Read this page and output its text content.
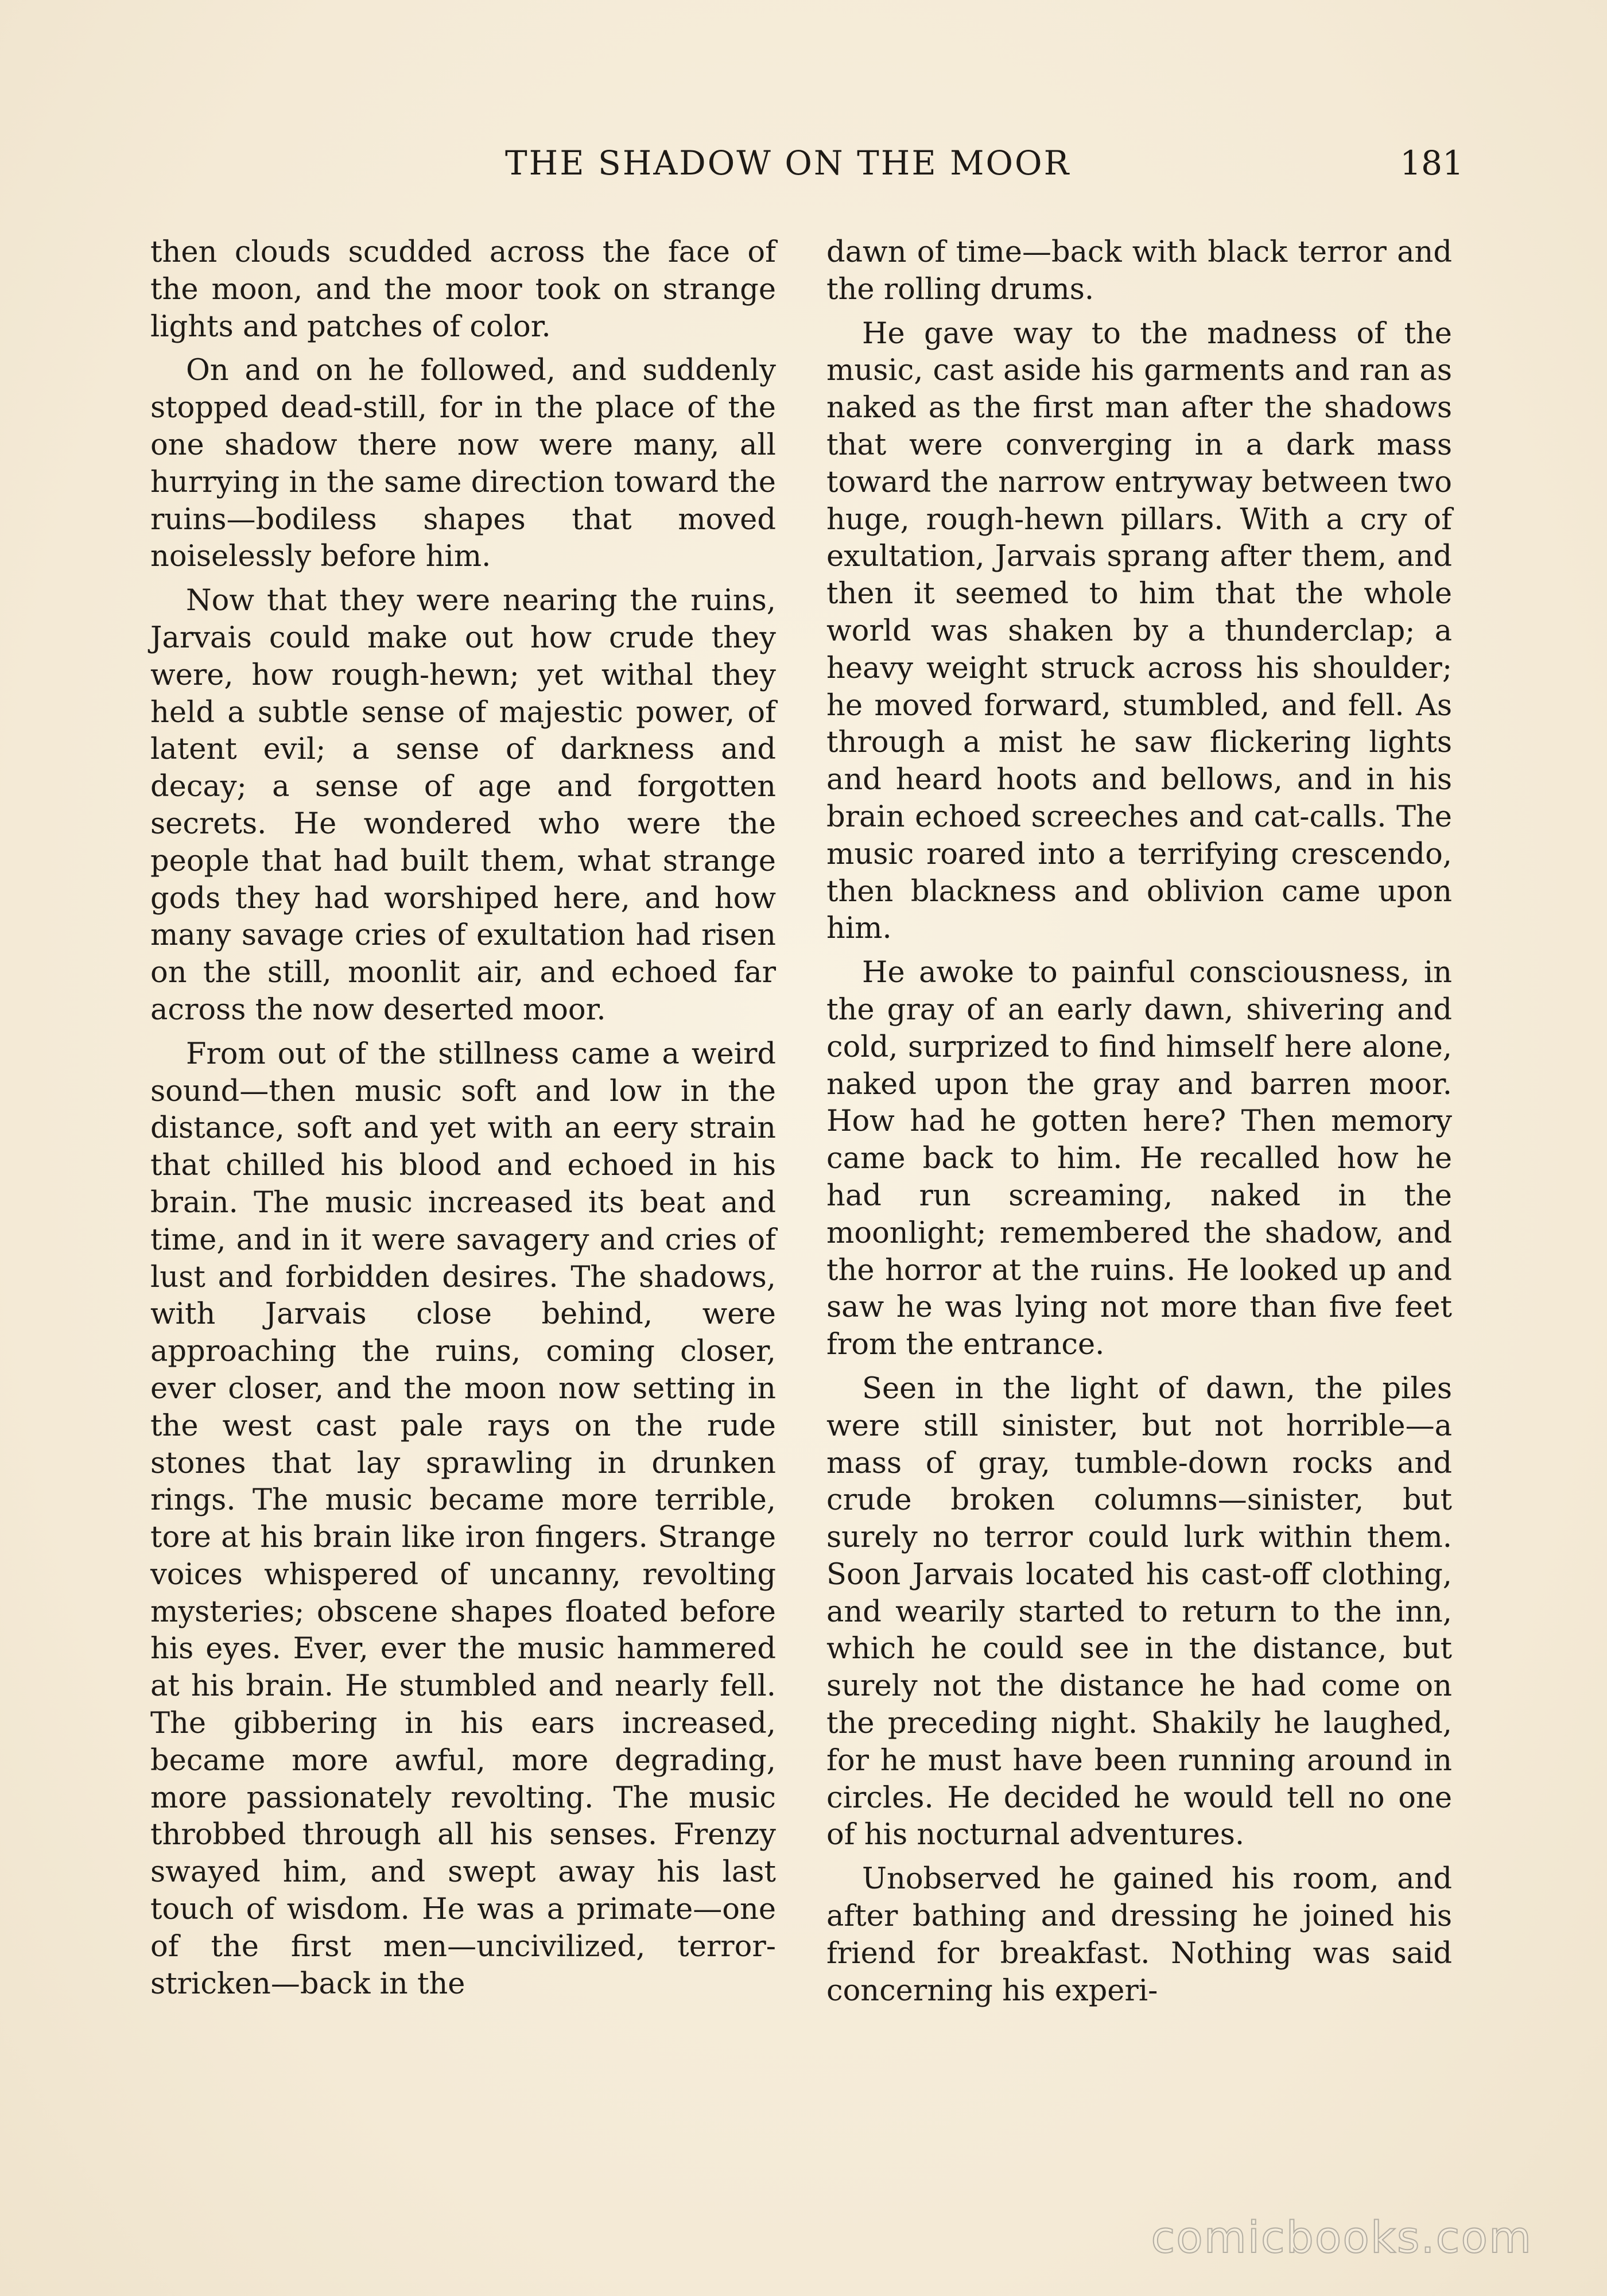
THE SHADOW ON THE MOOR	181

then clouds scudded across the face of the moon, and the moor took on strange lights and patches of color.

On and on he followed, and suddenly stopped dead-still, for in the place of the one shadow there now were many, all hurrying in the same direction toward the ruins—bodiless shapes that moved noiselessly before him.

Now that they were nearing the ruins, Jarvais could make out how crude they were, how rough-hewn; yet withal they held a subtle sense of majestic power, of latent evil; a sense of darkness and decay; a sense of age and forgotten secrets. He wondered who were the people that had built them, what strange gods they had worshiped here, and how many savage cries of exultation had risen on the still, moonlit air, and echoed far across the now deserted moor.

From out of the stillness came a weird sound—then music soft and low in the distance, soft and yet with an eery strain that chilled his blood and echoed in his brain. The music increased its beat and time, and in it were savagery and cries of lust and forbidden desires. The shadows, with Jarvais close behind, were approaching the ruins, coming closer, ever closer, and the moon now setting in the west cast pale rays on the rude stones that lay sprawling in drunken rings. The music became more terrible, tore at his brain like iron fingers. Strange voices whispered of uncanny, revolting mysteries; obscene shapes floated before his eyes. Ever, ever the music hammered at his brain. He stumbled and nearly fell. The gibbering in his ears increased, became more awful, more degrading, more passionately revolting. The music throbbed through all his senses. Frenzy swayed him, and swept away his last touch of wisdom. He was a primate—one of the first men—uncivilized, terror-stricken—back in the

dawn of time—back with black terror and the rolling drums.

He gave way to the madness of the music, cast aside his garments and ran as naked as the first man after the shadows that were converging in a dark mass toward the narrow entryway between two huge, rough-hewn pillars. With a cry of exultation, Jarvais sprang after them, and then it seemed to him that the whole world was shaken by a thunderclap; a heavy weight struck across his shoulder; he moved forward, stumbled, and fell. As through a mist he saw flickering lights and heard hoots and bellows, and in his brain echoed screeches and cat-calls. The music roared into a terrifying crescendo, then blackness and oblivion came upon him.

He awoke to painful consciousness, in the gray of an early dawn, shivering and cold, surprized to find himself here alone, naked upon the gray and barren moor. How had he gotten here? Then memory came back to him. He recalled how he had run screaming, naked in the moonlight; remembered the shadow, and the horror at the ruins. He looked up and saw he was lying not more than five feet from the entrance.

Seen in the light of dawn, the piles were still sinister, but not horrible—a mass of gray, tumble-down rocks and crude broken columns—sinister, but surely no terror could lurk within them. Soon Jarvais located his cast-off clothing, and wearily started to return to the inn, which he could see in the distance, but surely not the distance he had come on the preceding night. Shakily he laughed, for he must have been running around in circles. He decided he would tell no one of his nocturnal adventures.

Unobserved he gained his room, and after bathing and dressing he joined his friend for breakfast. Nothing was said concerning his experi-

comicbooks.com
